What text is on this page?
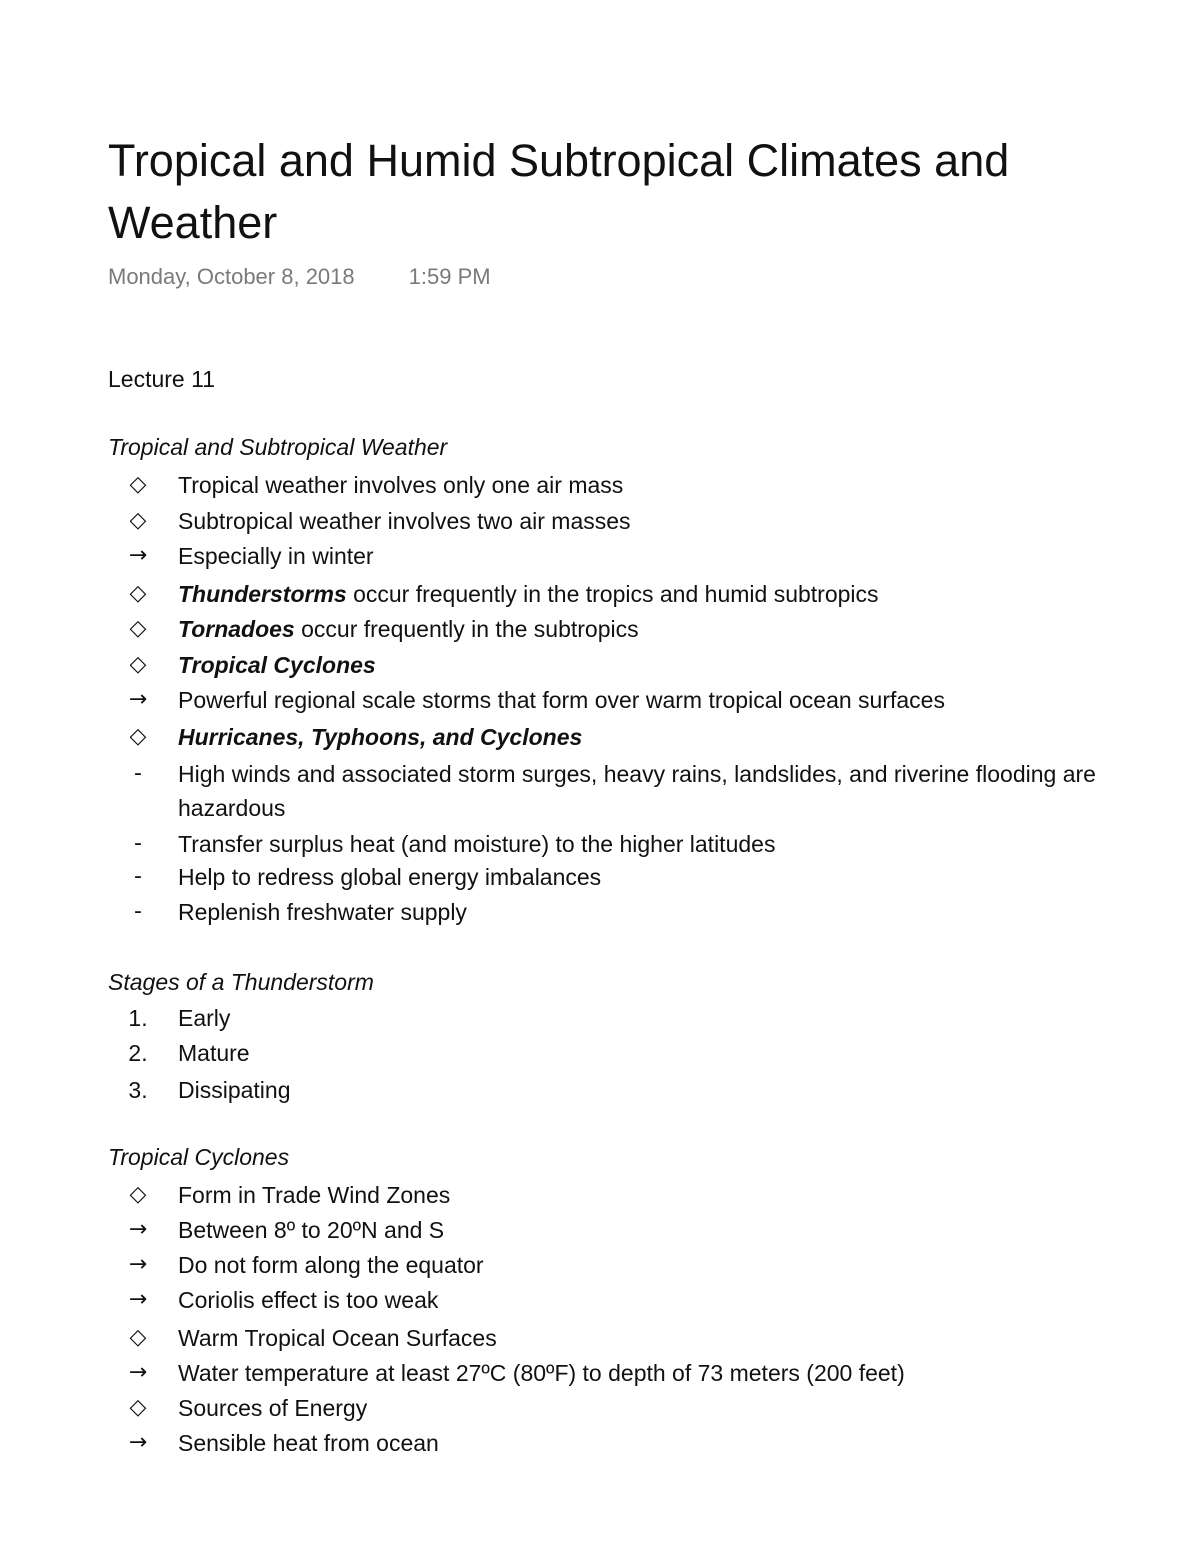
Tropical and Humid Subtropical Climates and Weather
Monday, October 8, 2018 1:59 PM
Lecture 11
Tropical and Subtropical Weather
◇	Tropical weather involves only one air mass
◇	Subtropical weather involves two air masses
→	Especially in winter
◇	Thunderstorms occur frequently in the tropics and humid subtropics
◇	Tornadoes occur frequently in the subtropics
◇	Tropical Cyclones
→	Powerful regional scale storms that form over warm tropical ocean surfaces
◇	Hurricanes, Typhoons, and Cyclones
-	High winds and associated storm surges, heavy rains, landslides, and riverine flooding are hazardous
-	Transfer surplus heat (and moisture) to the higher latitudes
-	Help to redress global energy imbalances
-	Replenish freshwater supply
Stages of a Thunderstorm
1.	Early
2.	Mature
3.	Dissipating
Tropical Cyclones
◇	Form in Trade Wind Zones
→	Between 8º to 20ºN and S
→	Do not form along the equator
→	Coriolis effect is too weak
◇	Warm Tropical Ocean Surfaces
→	Water temperature at least 27ºC (80ºF) to depth of 73 meters (200 feet)
◇	Sources of Energy
→	Sensible heat from ocean
